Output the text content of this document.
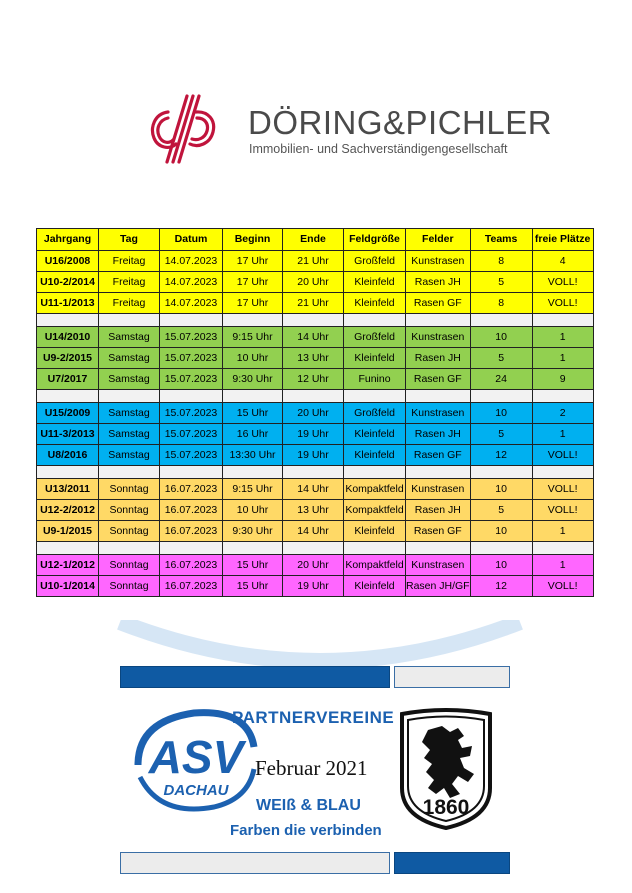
DÖRING&PICHLER
Immobilien- und Sachverständigengesellschaft
Jahrgang	Tag	Datum	Beginn	Ende	Feldgröße	Felder	Teams	freie Plätze
U16/2008	Freitag	14.07.2023	17 Uhr	21 Uhr	Großfeld	Kunstrasen	8	4
U10-2/2014	Freitag	14.07.2023	17 Uhr	20 Uhr	Kleinfeld	Rasen JH	5	VOLL!
U11-1/2013	Freitag	14.07.2023	17 Uhr	21 Uhr	Kleinfeld	Rasen GF	8	VOLL!

U14/2010	Samstag	15.07.2023	9:15 Uhr	14 Uhr	Großfeld	Kunstrasen	10	1
U9-2/2015	Samstag	15.07.2023	10 Uhr	13 Uhr	Kleinfeld	Rasen JH	5	1
U7/2017	Samstag	15.07.2023	9:30 Uhr	12 Uhr	Funino	Rasen GF	24	9

U15/2009	Samstag	15.07.2023	15 Uhr	20 Uhr	Großfeld	Kunstrasen	10	2
U11-3/2013	Samstag	15.07.2023	16 Uhr	19 Uhr	Kleinfeld	Rasen JH	5	1
U8/2016	Samstag	15.07.2023	13:30 Uhr	19 Uhr	Kleinfeld	Rasen GF	12	VOLL!

U13/2011	Sonntag	16.07.2023	9:15 Uhr	14 Uhr	Kompaktfeld	Kunstrasen	10	VOLL!
U12-2/2012	Sonntag	16.07.2023	10 Uhr	13 Uhr	Kompaktfeld	Rasen JH	5	VOLL!
U9-1/2015	Sonntag	16.07.2023	9:30 Uhr	14 Uhr	Kleinfeld	Rasen GF	10	1

U12-1/2012	Sonntag	16.07.2023	15 Uhr	20 Uhr	Kompaktfeld	Kunstrasen	10	1
U10-1/2014	Sonntag	16.07.2023	15 Uhr	19 Uhr	Kleinfeld	Rasen JH/GF	12	VOLL!
PARTNERVEREINE
ASV
DACHAU
Februar 2021
WEIß & BLAU
Farben die verbinden
1860
